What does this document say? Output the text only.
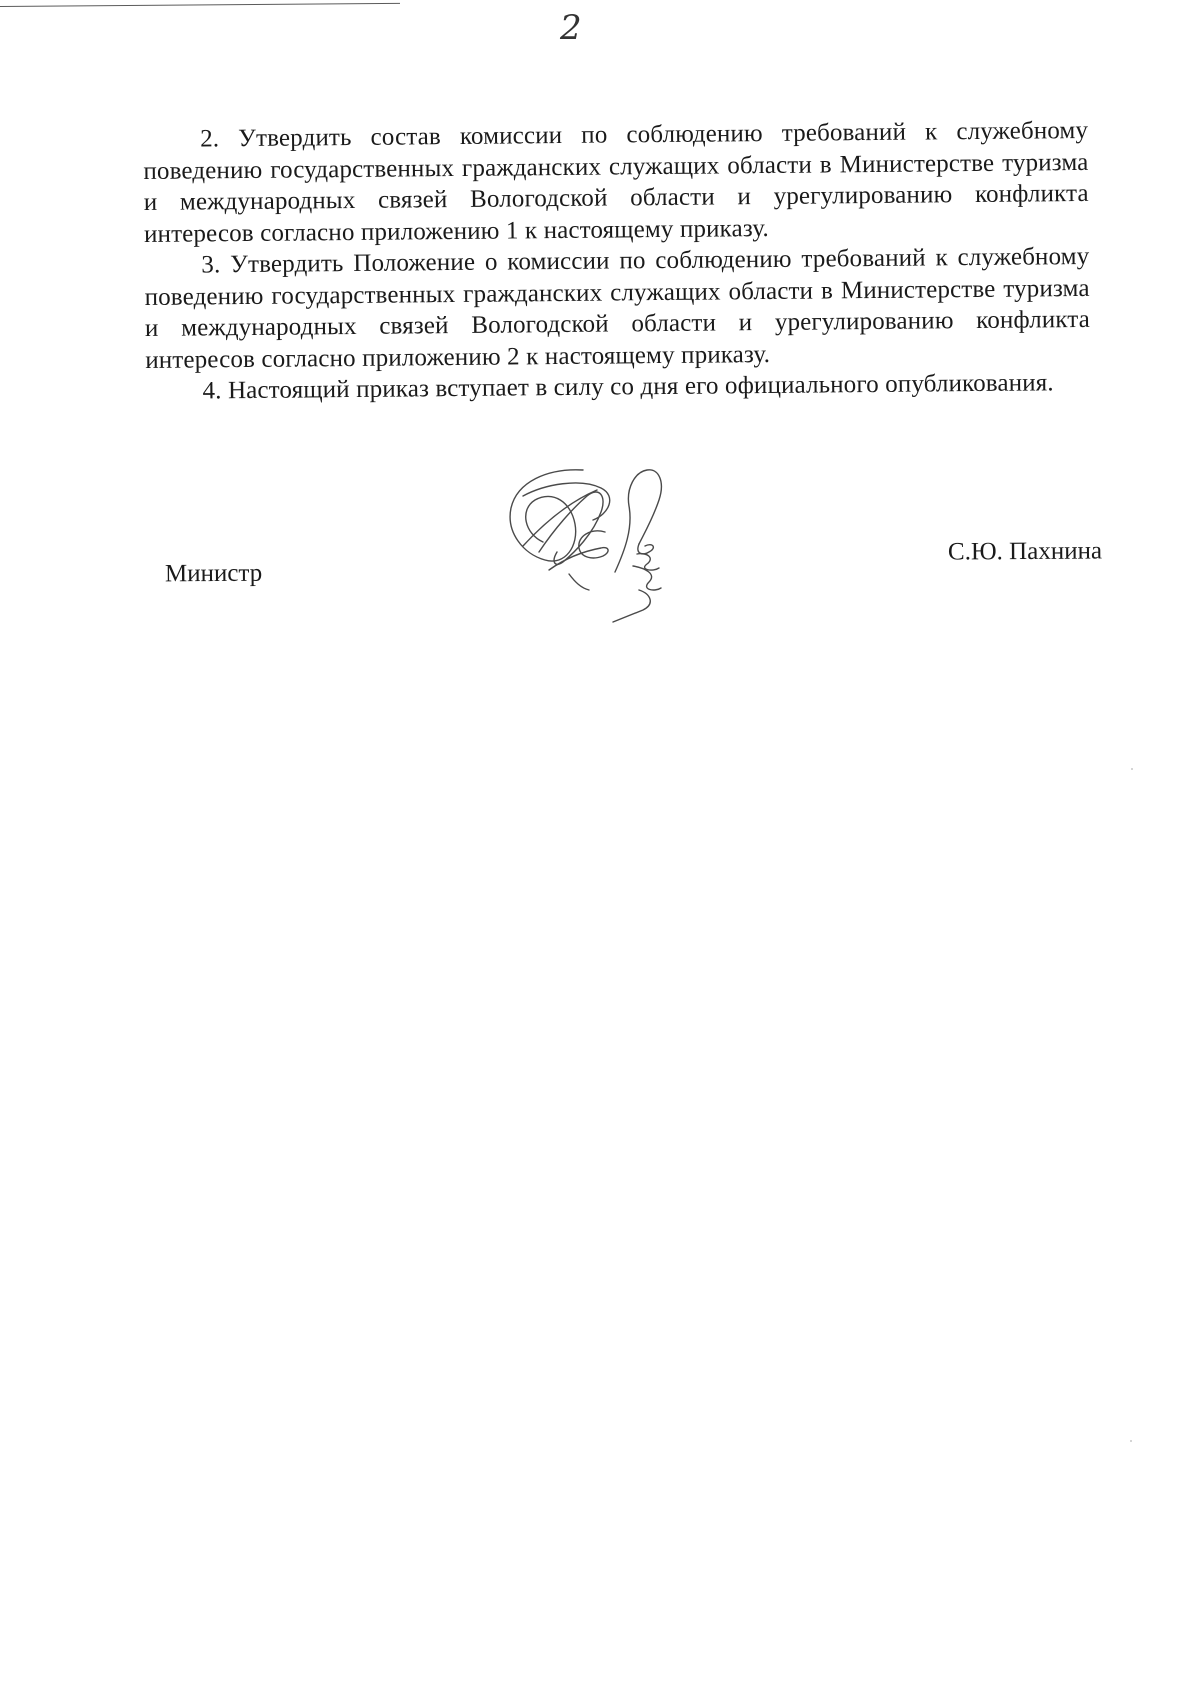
2

2. Утвердить состав комиссии по соблюдению требований к служебному поведению государственных гражданских служащих области в Министерстве туризма и международных связей Вологодской области и урегулированию конфликта интересов согласно приложению 1 к настоящему приказу.

3. Утвердить Положение о комиссии по соблюдению требований к служебному поведению государственных гражданских служащих области в Министерстве туризма и международных связей Вологодской области и урегулированию конфликта интересов согласно приложению 2 к настоящему приказу.

4. Настоящий приказ вступает в силу со дня его официального опубликования.

Министр
С.Ю. Пахнина
